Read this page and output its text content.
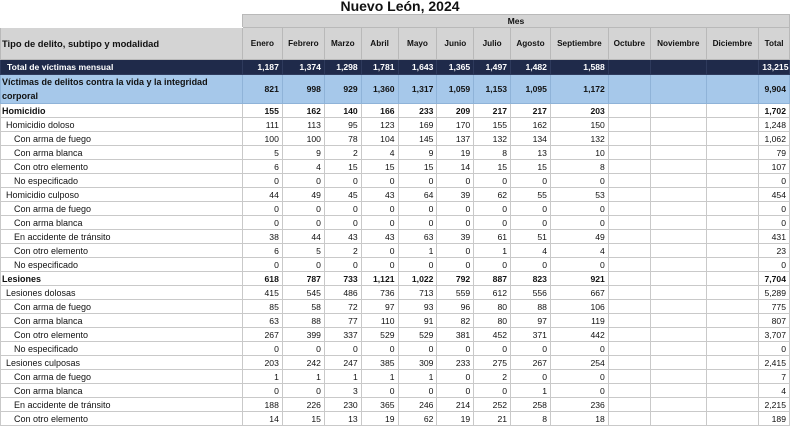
Nuevo León, 2024
	Mes												
Tipo de delito, subtipo y modalidad	Enero	Febrero	Marzo	Abril	Mayo	Junio	Julio	Agosto	Septiembre	Octubre	Noviembre	Diciembre	Total
Total de víctimas mensual	1,187	1,374	1,298	1,781	1,643	1,365	1,497	1,482	1,588				13,215
Víctimas de delitos contra la vida y la integridad corporal	821	998	929	1,360	1,317	1,059	1,153	1,095	1,172				9,904
Homicidio	155	162	140	166	233	209	217	217	203				1,702
Homicidio doloso	111	113	95	123	169	170	155	162	150				1,248
Con arma de fuego	100	100	78	104	145	137	132	134	132				1,062
Con arma blanca	5	9	2	4	9	19	8	13	10				79
Con otro elemento	6	4	15	15	15	14	15	15	8				107
No especificado	0	0	0	0	0	0	0	0	0				0
Homicidio culposo	44	49	45	43	64	39	62	55	53				454
Con arma de fuego	0	0	0	0	0	0	0	0	0				0
Con arma blanca	0	0	0	0	0	0	0	0	0				0
En accidente de tránsito	38	44	43	43	63	39	61	51	49				431
Con otro elemento	6	5	2	0	1	0	1	4	4				23
No especificado	0	0	0	0	0	0	0	0	0				0
Lesiones	618	787	733	1,121	1,022	792	887	823	921				7,704
Lesiones dolosas	415	545	486	736	713	559	612	556	667				5,289
Con arma de fuego	85	58	72	97	93	96	80	88	106				775
Con arma blanca	63	88	77	110	91	82	80	97	119				807
Con otro elemento	267	399	337	529	529	381	452	371	442				3,707
No especificado	0	0	0	0	0	0	0	0	0				0
Lesiones culposas	203	242	247	385	309	233	275	267	254				2,415
Con arma de fuego	1	1	1	1	1	0	2	0	0				7
Con arma blanca	0	0	3	0	0	0	0	1	0				4
En accidente de tránsito	188	226	230	365	246	214	252	258	236				2,215
Con otro elemento	14	15	13	19	62	19	21	8	18				189
